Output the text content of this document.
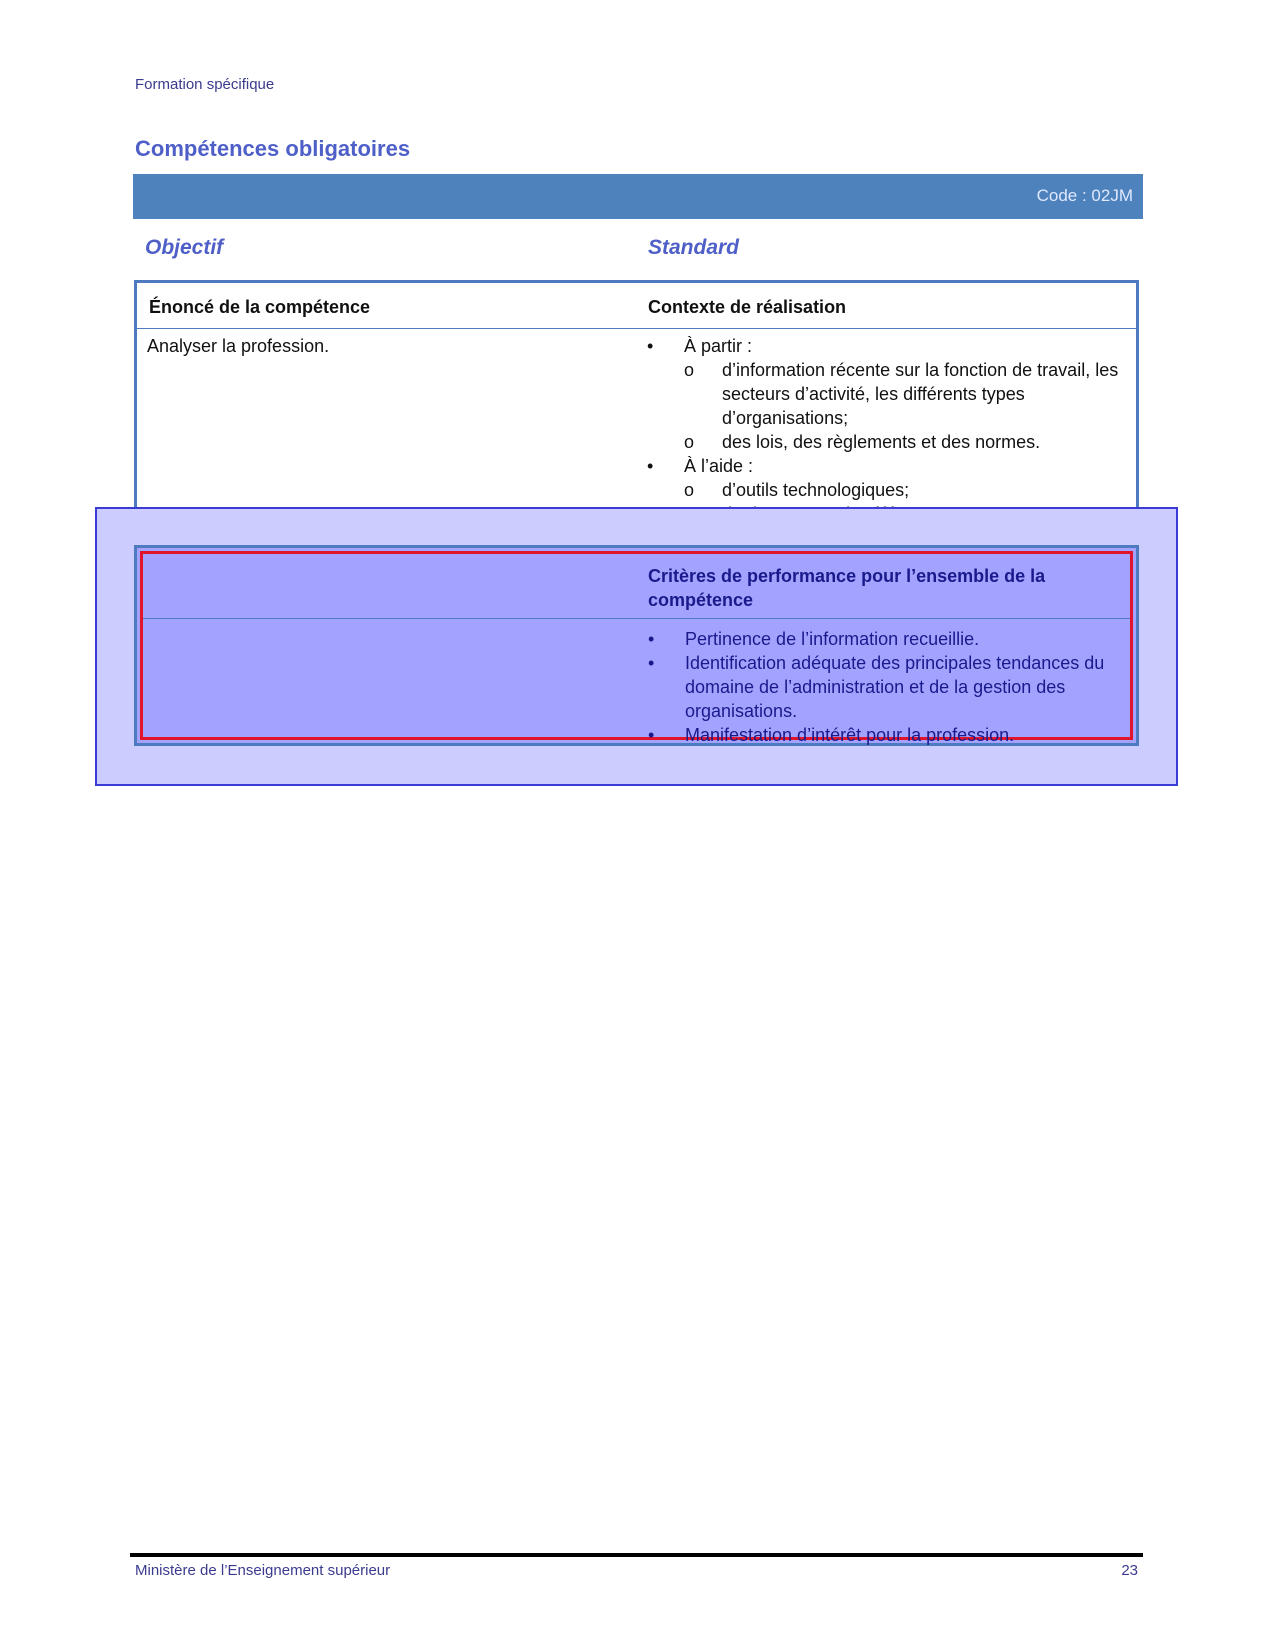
Formation spécifique
Compétences obligatoires
Code : 02JM
Objectif	Standard
Énoncé de la compétence	Contexte de réalisation
Analyser la profession.	•	À partir :
o	d’information récente sur la fonction de travail, les secteurs d’activité, les différents types d’organisations;
o	des lois, des règlements et des normes.
•	À l’aide :
o	d’outils technologiques;
Critères de performance pour l’ensemble de la compétence
•	Pertinence de l’information recueillie.
•	Identification adéquate des principales tendances du domaine de l’administration et de la gestion des organisations.
•	Manifestation d’intérêt pour la profession.
Ministère de l’Enseignement supérieur	23
